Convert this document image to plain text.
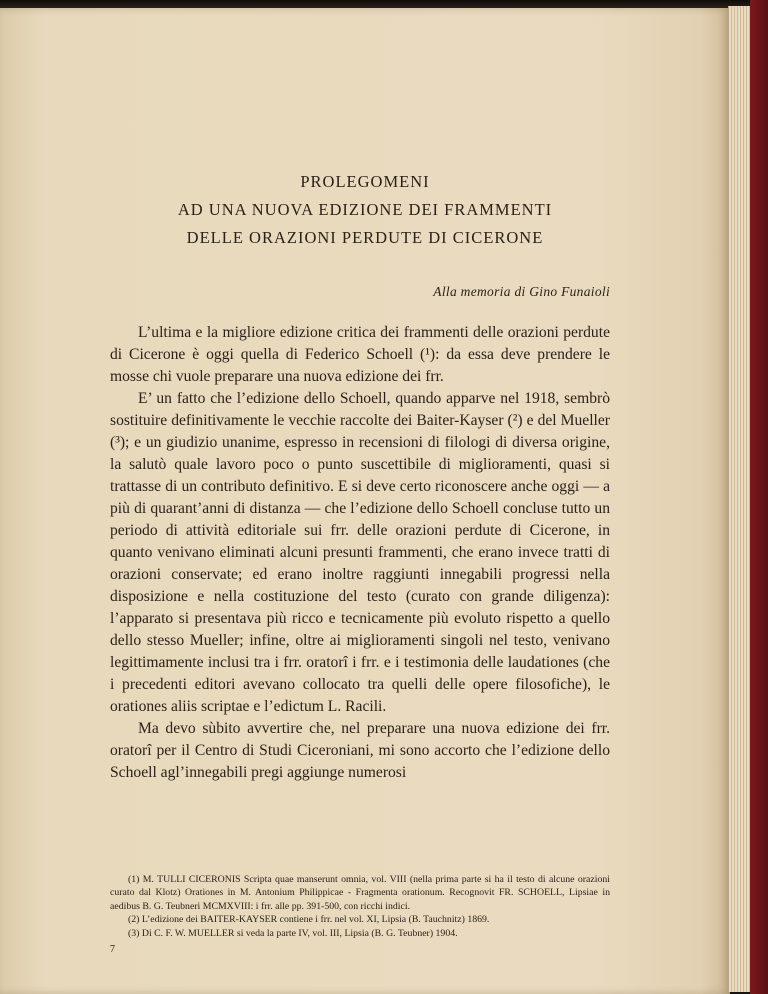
PROLEGOMENI
AD UNA NUOVA EDIZIONE DEI FRAMMENTI
DELLE ORAZIONI PERDUTE DI CICERONE
Alla memoria di Gino Funaioli

L’ultima e la migliore edizione critica dei frammenti delle orazioni perdute di Cicerone è oggi quella di Federico Schoell (¹): da essa deve prendere le mosse chi vuole preparare una nuova edizione dei frr.

E’ un fatto che l’edizione dello Schoell, quando apparve nel 1918, sembrò sostituire definitivamente le vecchie raccolte dei Baiter-Kayser (²) e del Mueller (³); e un giudizio unanime, espresso in recensioni di filologi di diversa origine, la salutò quale lavoro poco o punto suscettibile di miglioramenti, quasi si trattasse di un contributo definitivo. E si deve certo riconoscere anche oggi — a più di quarant’anni di distanza — che l’edizione dello Schoell concluse tutto un periodo di attività editoriale sui frr. delle orazioni perdute di Cicerone, in quanto venivano eliminati alcuni presunti frammenti, che erano invece tratti di orazioni conservate; ed erano inoltre raggiunti innegabili progressi nella disposizione e nella costituzione del testo (curato con grande diligenza): l’apparato si presentava più ricco e tecnicamente più evoluto rispetto a quello dello stesso Mueller; infine, oltre ai miglioramenti singoli nel testo, venivano legittimamente inclusi tra i frr. oratorî i frr. e i testimonia delle laudationes (che i precedenti editori avevano collocato tra quelli delle opere filosofiche), le orationes aliis scriptae e l’edictum L. Racili.

Ma devo sùbito avvertire che, nel preparare una nuova edizione dei frr. oratorî per il Centro di Studi Ciceroniani, mi sono accorto che l’edizione dello Schoell agl’innegabili pregi aggiunge numerosi

(1) M. TULLI CICERONIS Scripta quae manserunt omnia, vol. VIII (nella prima parte si ha il testo di alcune orazioni curato dal Klotz) Orationes in M. Antonium Philippicae - Fragmenta orationum. Recognovit FR. SCHOELL, Lipsiae in aedibus B. G. Teubneri MCMXVIII: i frr. alle pp. 391-500, con ricchi indici.

(2) L’edizione dei BAITER-KAYSER contiene i frr. nel vol. XI, Lipsia (B. Tauchnitz) 1869.

(3) Di C. F. W. MUELLER si veda la parte IV, vol. III, Lipsia (B. G. Teubner) 1904.

7
